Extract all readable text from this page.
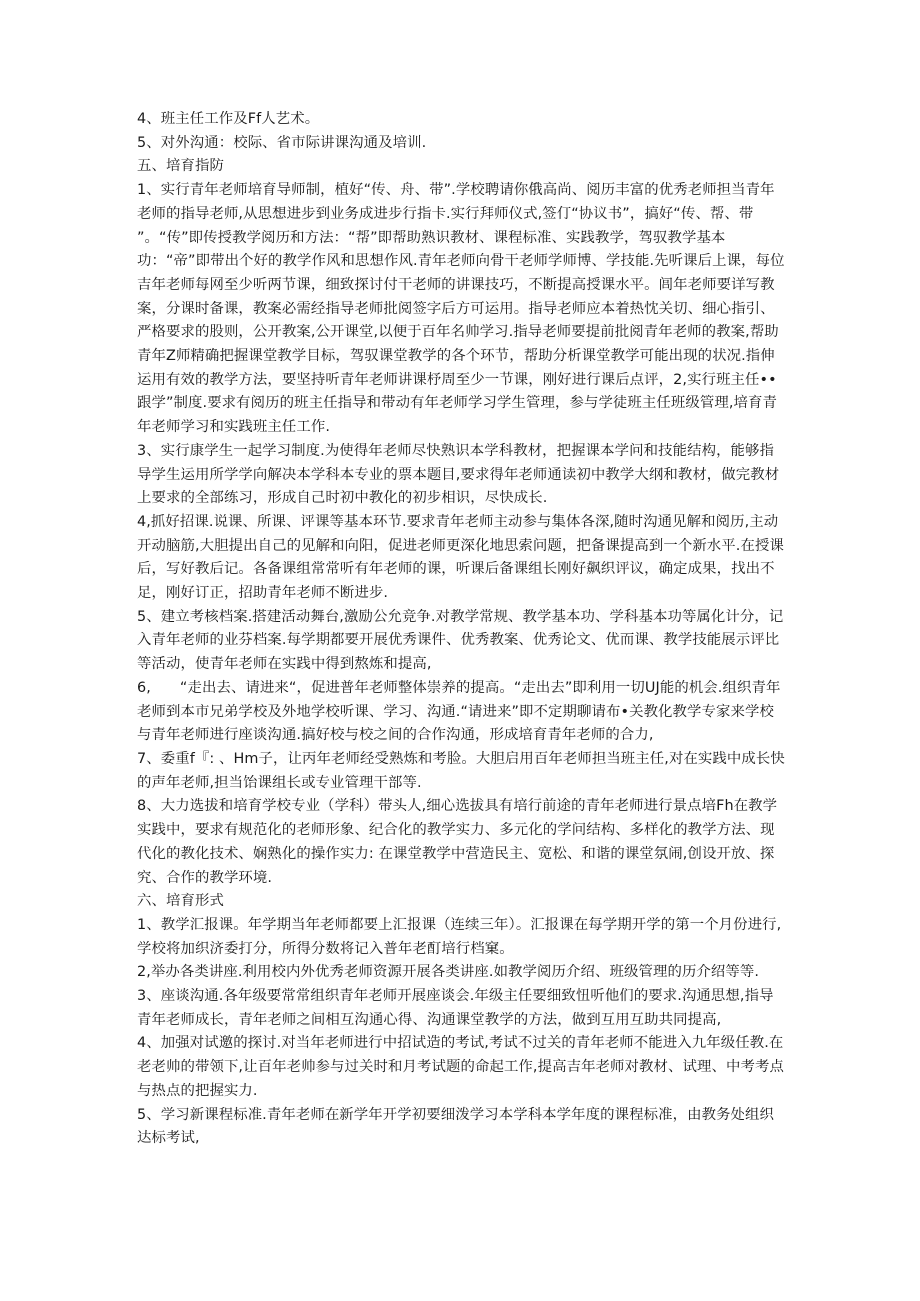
4、班主任工作及Ff人艺术。

5、对外沟通：校际、省市际讲课沟通及培训.

五、培育指防

1、实行青年老师培育导师制，植好“传、舟、带”.学校聘请你俄高尚、阅历丰富的优秀老师担当青年老师的指导老师,从思想进步到业务成进步行指卡.实行拜师仪式,签仃“协议书”，搞好“传、帮、带 ”。“传”即传授教学阅历和方法：“帮”即帮助熟识教材、课程标准、实践教学，驾驭教学基本功：“帝”即带出个好的教学作风和思想作风.青年老师向骨干老师学师博、学技能.先听课后上课，每位吉年老师每网至少听两节课，细致探讨付干老师的讲课技巧，不断提高授课水平。闾年老师要详写教案，分课时备课，教案必需经指导老师批阅签字后方可运用。指导老师应本着热忱关切、细心指引、严格要求的股则，公开教案,公开课堂,以便于百年名帅学习.指导老师要提前批阅青年老师的教案,帮助青年Z师精确把握课堂教学目标，驾驭课堂教学的各个环节，帮助分析课堂教学可能出现的状况.指伸运用有效的教学方法，要坚持听青年老师讲课杼周至少一节课，刚好进行课后点评，2,实行班主任••跟学”制度.要求有阅历的班主任指导和带动有年老师学习学生管理，参与学徒班主任班级管理,培育青年老师学习和实践班主任工作.

3、实行康学生一起学习制度.为使得年老师尽快熟识本学科教材，把握课本学问和技能结构，能够指导学生运用所学学向解决本学科本专业的票本题目,要求得年老师通读初中教学大纲和教材，做完教材上要求的全部练习，形成自己时初中教化的初步相识，尽快成长.

4,抓好招课.说课、所课、评课等基本环节.要求青年老师主动参与集体各深,随时沟通见解和阅历,主动开动脑筋,大胆提出自己的见解和向阳，促进老师更深化地思索问题，把备课提高到一个新水平.在授课后，写好教后记。各备课组常常听有年老师的课，听课后备课组长刚好飙织评议，确定成果，找出不足，刚好订正，招助青年老师不断进步.

5、建立考核档案.搭建活动舞台,激励公允竞争.对教学常规、教学基本功、学科基本功等属化计分，记入青年老师的业芬档案.每学期都要开展优秀课件、优秀教案、优秀论文、优而课、教学技能展示评比等活动，使青年老师在实践中得到熬炼和提高,

6,　　“走出去、请进来“，促进普年老师整体崇养的提高。“走出去”即利用一切UJ能的机会.组织青年老师到本市兄弟学校及外地学校听课、学习、沟通.“请进来”即不定期聊请布•关教化教学专家来学校与青年老师进行座谈沟通.搞好校与校之间的合作沟通，形成培育青年老师的合力,

7、委重f『: 、Hm子，让丙年老师经受熟炼和考脸。大胆启用百年老师担当班主任,对在实践中成长快的声年老师,担当饴课组长或专业管理干部等.

8、大力选拔和培育学校专业（学科）带头人,细心选拔具有培行前途的青年老师进行景点培Fh在教学实践中，要求有规范化的老师形象、纪合化的教学实力、多元化的学问结构、多样化的教学方法、现代化的教化技术、娴熟化的操作实力: 在课堂教学中营造民主、宽松、和谐的课堂氛闹,创设开放、探究、合作的教学环境.

六、培育形式

1、教学汇报课。年学期当年老师都要上汇报课（连续三年）。汇报课在每学期开学的第一个月份进行,学校将加织济委打分，所得分数将记入普年老酊培行档窠。

2,举办各类讲座.利用校内外优秀老师资源开展各类讲座.如教学阅历介绍、班级管理的历介绍等等.

3、座谈沟通.各年级要常常组织青年老师开展座谈会.年级主任要细致忸听他们的要求.沟通思想,指导青年老师成长，青年老师之间相互沟通心得、沟通课堂教学的方法，做到互用互助共同提高,

4、加强对试邀的探讨.对当年老师进行中招试造的考试,考试不过关的青年老师不能进入九年级任教.在老老帅的带领下,让百年老帅参与过关时和月考试题的命起工作,提高吉年老师对教材、试理、中考考点与热点的把握实力.

5、学习新课程标准.青年老师在新学年开学初要细泼学习本学科本学年度的课程标准，由教务处组织达标考试,
